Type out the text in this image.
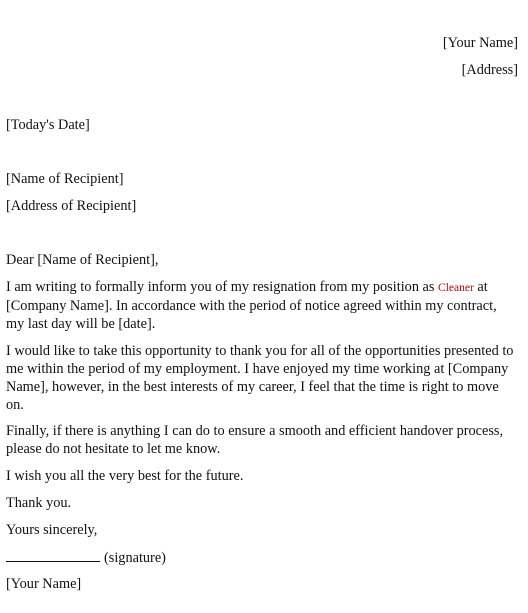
[Your Name]
[Address]
[Today's Date]
[Name of Recipient]
[Address of Recipient]
Dear [Name of Recipient],
I am writing to formally inform you of my resignation from my position as Cleaner at [Company Name]. In accordance with the period of notice agreed within my contract, my last day will be [date].
I would like to take this opportunity to thank you for all of the opportunities presented to me within the period of my employment. I have enjoyed my time working at [Company Name], however, in the best interests of my career, I feel that the time is right to move on.
Finally, if there is anything I can do to ensure a smooth and efficient handover process, please do not hesitate to let me know.
I wish you all the very best for the future.
Thank you.
Yours sincerely,
(signature)
[Your Name]
